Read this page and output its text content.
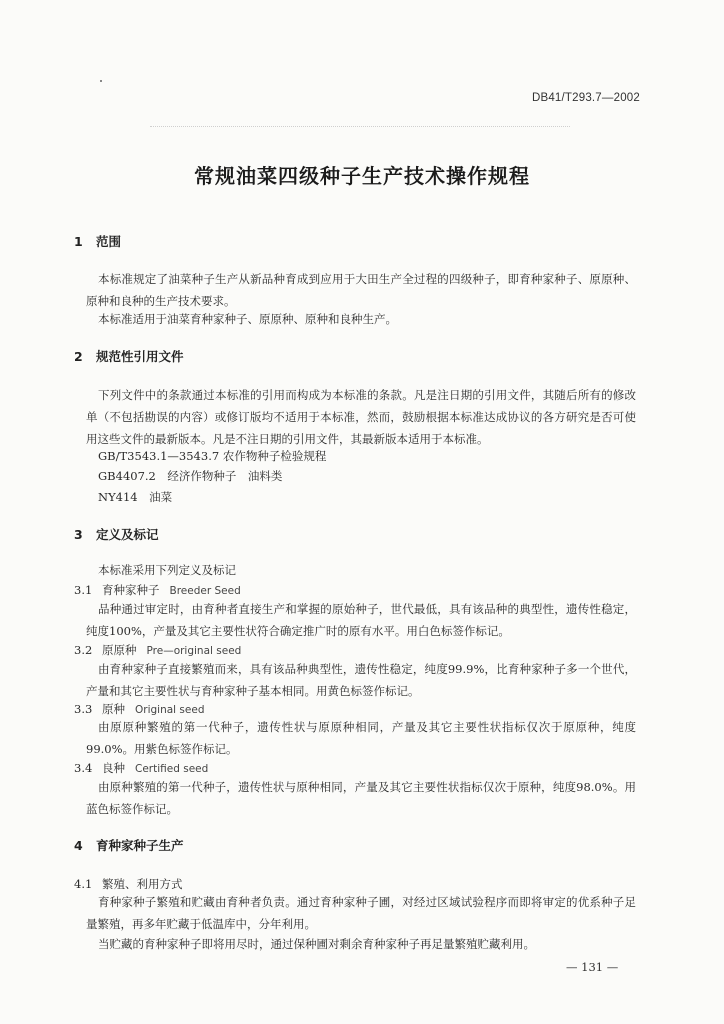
DB41/T293.7—2002
常规油菜四级种子生产技术操作规程
1 范围
本标准规定了油菜种子生产从新品种育成到应用于大田生产全过程的四级种子，即育种家种子、原原种、原种和良种的生产技术要求。
本标准适用于油菜育种家种子、原原种、原种和良种生产。
2 规范性引用文件
下列文件中的条款通过本标准的引用而构成为本标准的条款。凡是注日期的引用文件，其随后所有的修改单（不包括勘误的内容）或修订版均不适用于本标准，然而，鼓励根据本标准达成协议的各方研究是否可使用这些文件的最新版本。凡是不注日期的引用文件，其最新版本适用于本标准。
GB/T3543.1—3543.7 农作物种子检验规程
GB4407.2　经济作物种子　油料类
NY414　油菜
3 定义及标记
本标准采用下列定义及标记
3.1 育种家种子 Breeder Seed
品种通过审定时，由育种者直接生产和掌握的原始种子，世代最低，具有该品种的典型性，遗传性稳定，纯度100%，产量及其它主要性状符合确定推广时的原有水平。用白色标签作标记。
3.2 原原种 Pre—original seed
由育种家种子直接繁殖而来，具有该品种典型性，遗传性稳定，纯度99.9%，比育种家种子多一个世代，产量和其它主要性状与育种家种子基本相同。用黄色标签作标记。
3.3 原种 Original seed
由原原种繁殖的第一代种子，遗传性状与原原种相同，产量及其它主要性状指标仅次于原原种，纯度99.0%。用紫色标签作标记。
3.4 良种 Certified seed
由原种繁殖的第一代种子，遗传性状与原种相同，产量及其它主要性状指标仅次于原种，纯度98.0%。用蓝色标签作标记。
4 育种家种子生产
4.1 繁殖、利用方式
育种家种子繁殖和贮藏由育种者负责。通过育种家种子圃，对经过区域试验程序而即将审定的优系种子足量繁殖，再多年贮藏于低温库中，分年利用。
当贮藏的育种家种子即将用尽时，通过保种圃对剩余育种家种子再足量繁殖贮藏利用。
— 131 —
